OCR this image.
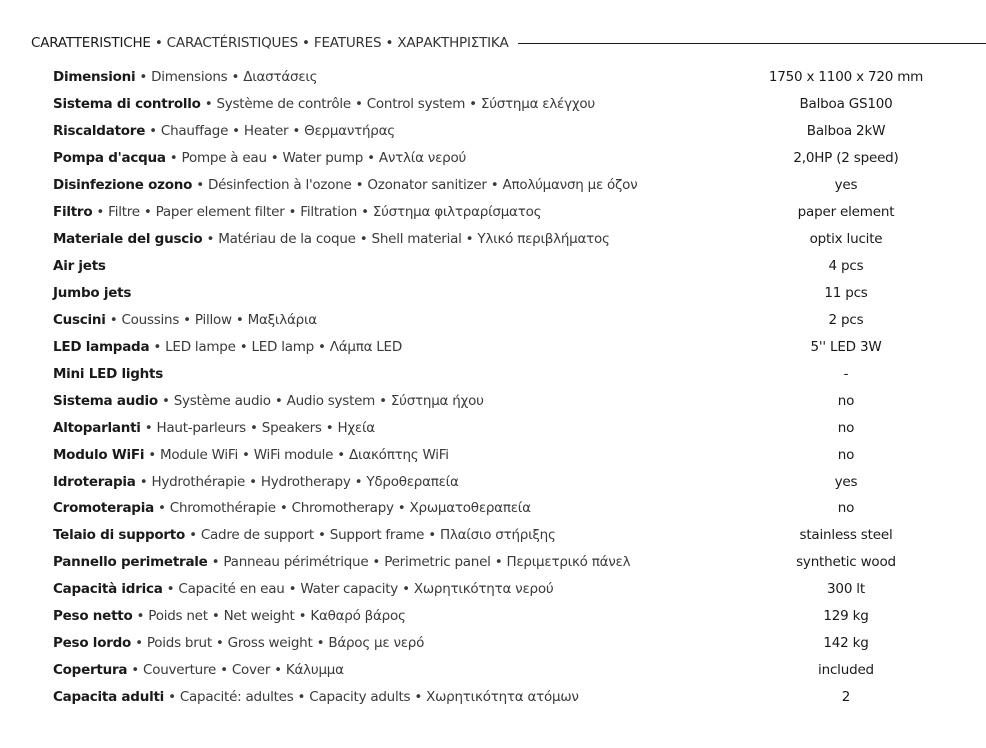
CARATTERISTICHE • CARACTÉRISTIQUES • FEATURES • ΧΑΡΑΚΤΗΡΙΣΤΙΚΑ
Dimensioni • Dimensions • Διαστάσεις	1750 x 1100 x 720 mm
Sistema di controllo • Système de contrôle • Control system • Σύστημα ελέγχου	Balboa GS100
Riscaldatore • Chauffage • Heater • Θερμαντήρας	Balboa 2kW
Pompa d'acqua • Pompe à eau • Water pump • Αντλία νερού	2,0HP (2 speed)
Disinfezione ozono • Désinfection à l'ozone • Ozonator sanitizer • Απολύμανση με όζον	yes
Filtro • Filtre • Paper element filter • Filtration • Σύστημα φιλτραρίσματος	paper element
Materiale del guscio • Matériau de la coque • Shell material • Υλικό περιβλήματος	optix lucite
Air jets	4 pcs
Jumbo jets	11 pcs
Cuscini • Coussins • Pillow • Μαξιλάρια	2 pcs
LED lampada • LED lampe • LED lamp • Λάμπα LED	5'' LED 3W
Mini LED lights	-
Sistema audio • Système audio • Audio system • Σύστημα ήχου	no
Altoparlanti • Haut-parleurs • Speakers • Ηχεία	no
Modulo WiFi • Module WiFi • WiFi module • Διακόπτης WiFi	no
Idroterapia • Hydrothérapie • Hydrotherapy • Υδροθεραπεία	yes
Cromoterapia • Chromothérapie • Chromotherapy • Χρωματοθεραπεία	no
Telaio di supporto • Cadre de support • Support frame • Πλαίσιο στήριξης	stainless steel
Pannello perimetrale • Panneau périmétrique • Perimetric panel • Περιμετρικό πάνελ	synthetic wood
Capacità idrica • Capacité en eau • Water capacity • Χωρητικότητα νερού	300 lt
Peso netto • Poids net • Net weight • Καθαρό βάρος	129 kg
Peso lordo • Poids brut • Gross weight • Βάρος με νερό	142 kg
Copertura • Couverture • Cover • Κάλυμμα	included
Capacita adulti • Capacité: adultes • Capacity adults • Χωρητικότητα ατόμων	2
